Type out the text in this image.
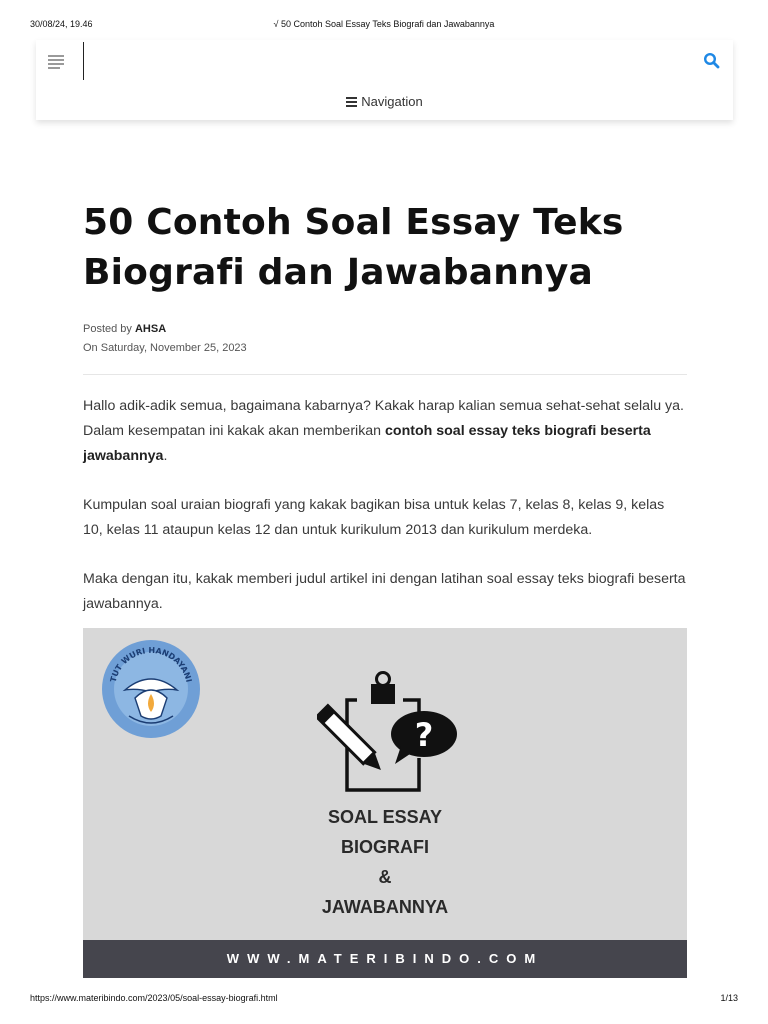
30/08/24, 19.46	√ 50 Contoh Soal Essay Teks Biografi dan Jawabannya
Navigation
50 Contoh Soal Essay Teks Biografi dan Jawabannya
Posted by AHSA
On Saturday, November 25, 2023

Hallo adik-adik semua, bagaimana kabarnya? Kakak harap kalian semua sehat-sehat selalu ya. Dalam kesempatan ini kakak akan memberikan contoh soal essay teks biografi beserta jawabannya.

Kumpulan soal uraian biografi yang kakak bagikan bisa untuk kelas 7, kelas 8, kelas 9, kelas 10, kelas 11 ataupun kelas 12 dan untuk kurikulum 2013 dan kurikulum merdeka.

Maka dengan itu, kakak memberi judul artikel ini dengan latihan soal essay teks biografi beserta jawabannya.

TUT WURI HANDAYANI
?
SOAL ESSAY
BIOGRAFI
&
JAWABANNYA
WWW.MATERIBINDO.COM
https://www.materibindo.com/2023/05/soal-essay-biografi.html	1/13
